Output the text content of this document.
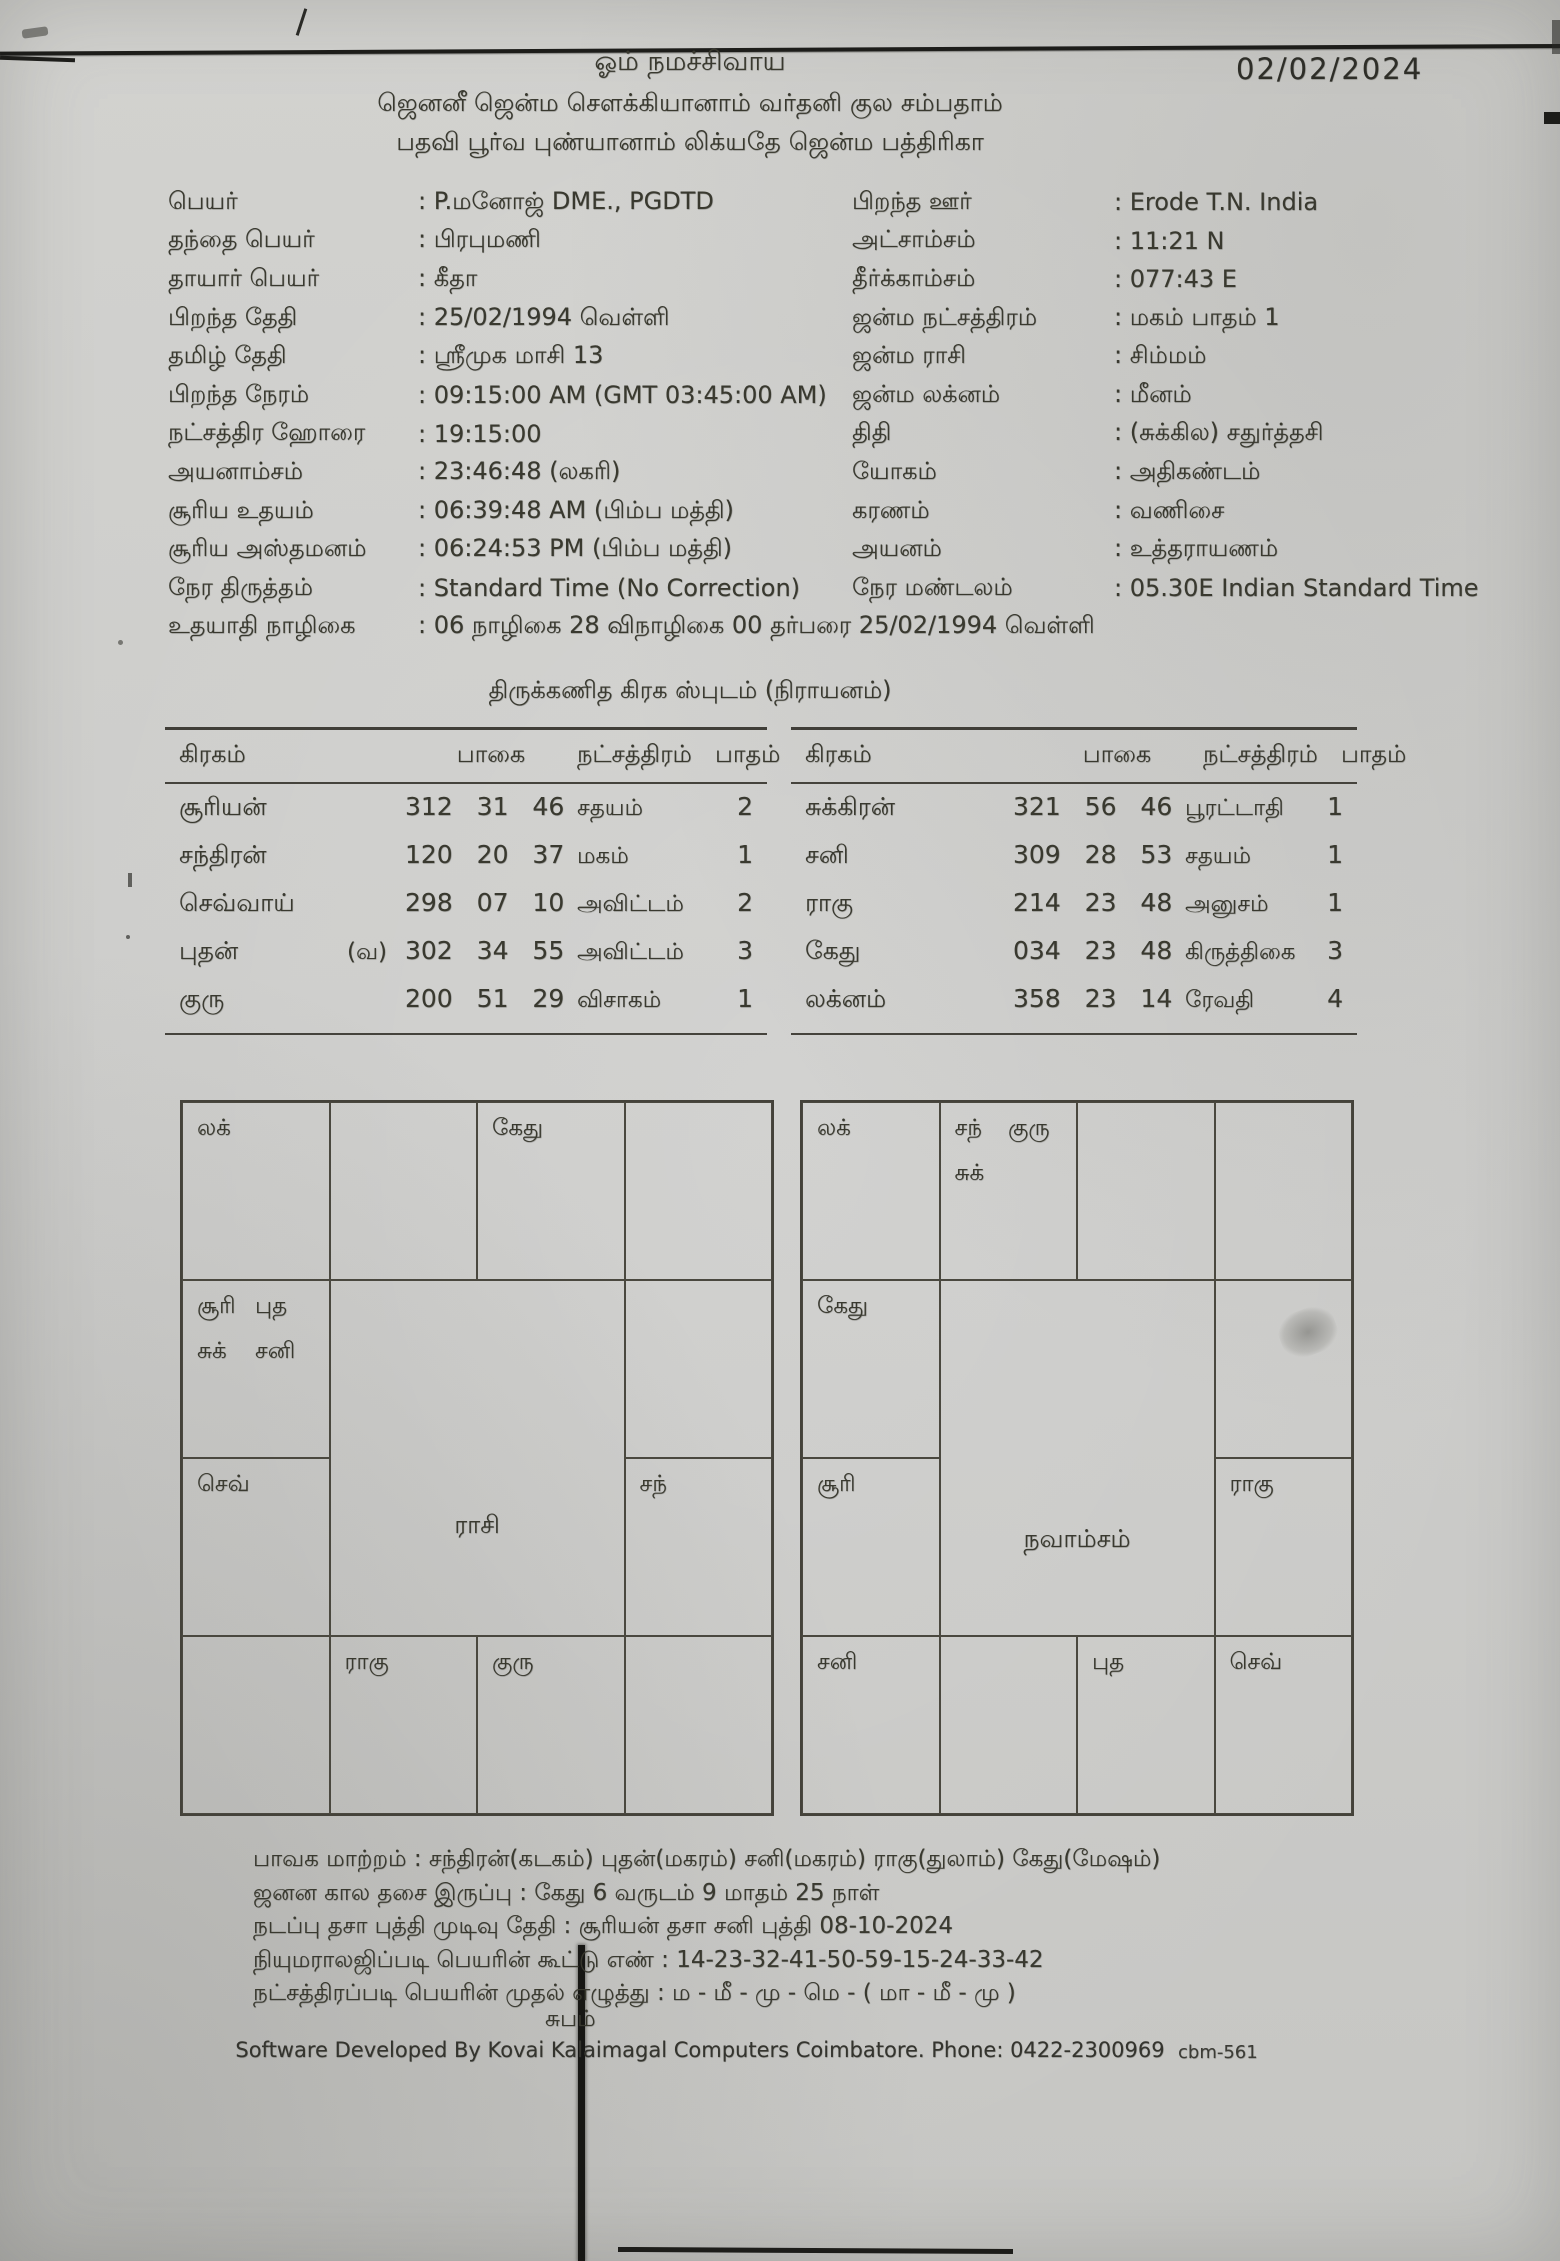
ஓம் நமச்சிவாய
ஜெனனீ ஜென்ம சௌக்கியானாம் வர்தனி குல சம்பதாம்
பதவி பூர்வ புண்யானாம் லிக்யதே ஜென்ம பத்திரிகா
02/02/2024
பெயர்	: P.மனோஜ் DME., PGDTD	பிறந்த ஊர்	: Erode T.N. India
தந்தை பெயர்	: பிரபுமணி	அட்சாம்சம்	: 11:21 N
தாயார் பெயர்	: கீதா	தீர்க்காம்சம்	: 077:43 E
பிறந்த தேதி	: 25/02/1994 வெள்ளி	ஜன்ம நட்சத்திரம்	: மகம் பாதம் 1
தமிழ் தேதி	: ஸ்ரீமுக மாசி 13	ஜன்ம ராசி	: சிம்மம்
பிறந்த நேரம்	: 09:15:00 AM (GMT 03:45:00 AM)	ஜன்ம லக்னம்	: மீனம்
நட்சத்திர ஹோரை	: 19:15:00	திதி	: (சுக்கில) சதுர்த்தசி
அயனாம்சம்	: 23:46:48 (லகரி)	யோகம்	: அதிகண்டம்
சூரிய உதயம்	: 06:39:48 AM (பிம்ப மத்தி)	கரணம்	: வணிசை
சூரிய அஸ்தமனம்	: 06:24:53 PM (பிம்ப மத்தி)	அயனம்	: உத்தராயணம்
நேர திருத்தம்	: Standard Time (No Correction)	நேர மண்டலம்	: 05.30E Indian Standard Time
உதயாதி நாழிகை	: 06 நாழிகை 28 விநாழிகை 00 தர்பரை 25/02/1994 வெள்ளி
திருக்கணித கிரக ஸ்புடம் (நிராயனம்)
கிரகம்	பாகை	நட்சத்திரம் பாதம்
சூரியன்	312 31 46 சதயம்	2
சந்திரன்	120 20 37 மகம்	1
செவ்வாய்	298 07 10 அவிட்டம்	2
புதன்	(வ) 302 34 55 அவிட்டம்	3
குரு	200 51 29 விசாகம்	1
கிரகம்	பாகை	நட்சத்திரம் பாதம்
சுக்கிரன்	321 56 46 பூரட்டாதி	1
சனி	309 28 53 சதயம்	1
ராகு	214 23 48 அனுசம்	1
கேது	034 23 48 கிருத்திகை	3
லக்னம்	358 23 14 ரேவதி	4
லக்	கேது
சூரி புத
சுக்	சனி
ராசி
செவ்	சந்
ராகு	குரு
லக்	சந் குரு
சுக்
கேது
நவாம்சம்
சூரி	ராகு
சனி	புத	செவ்
பாவக மாற்றம் : சந்திரன்(கடகம்) புதன்(மகரம்) சனி(மகரம்) ராகு(துலாம்) கேது(மேஷம்)
ஜனன கால தசை இருப்பு : கேது 6 வருடம் 9 மாதம் 25 நாள்
நடப்பு தசா புத்தி முடிவு தேதி : சூரியன் தசா சனி புத்தி 08-10-2024
நியுமராலஜிப்படி பெயரின் கூட்டு எண் : 14-23-32-41-50-59-15-24-33-42
நட்சத்திரப்படி பெயரின் முதல் எழுத்து : ம - மீ - மு - மெ - ( மா - மீ - மு )
சுபம்
Software Developed By Kovai Kalaimagal Computers Coimbatore. Phone: 0422-2300969 cbm-561
